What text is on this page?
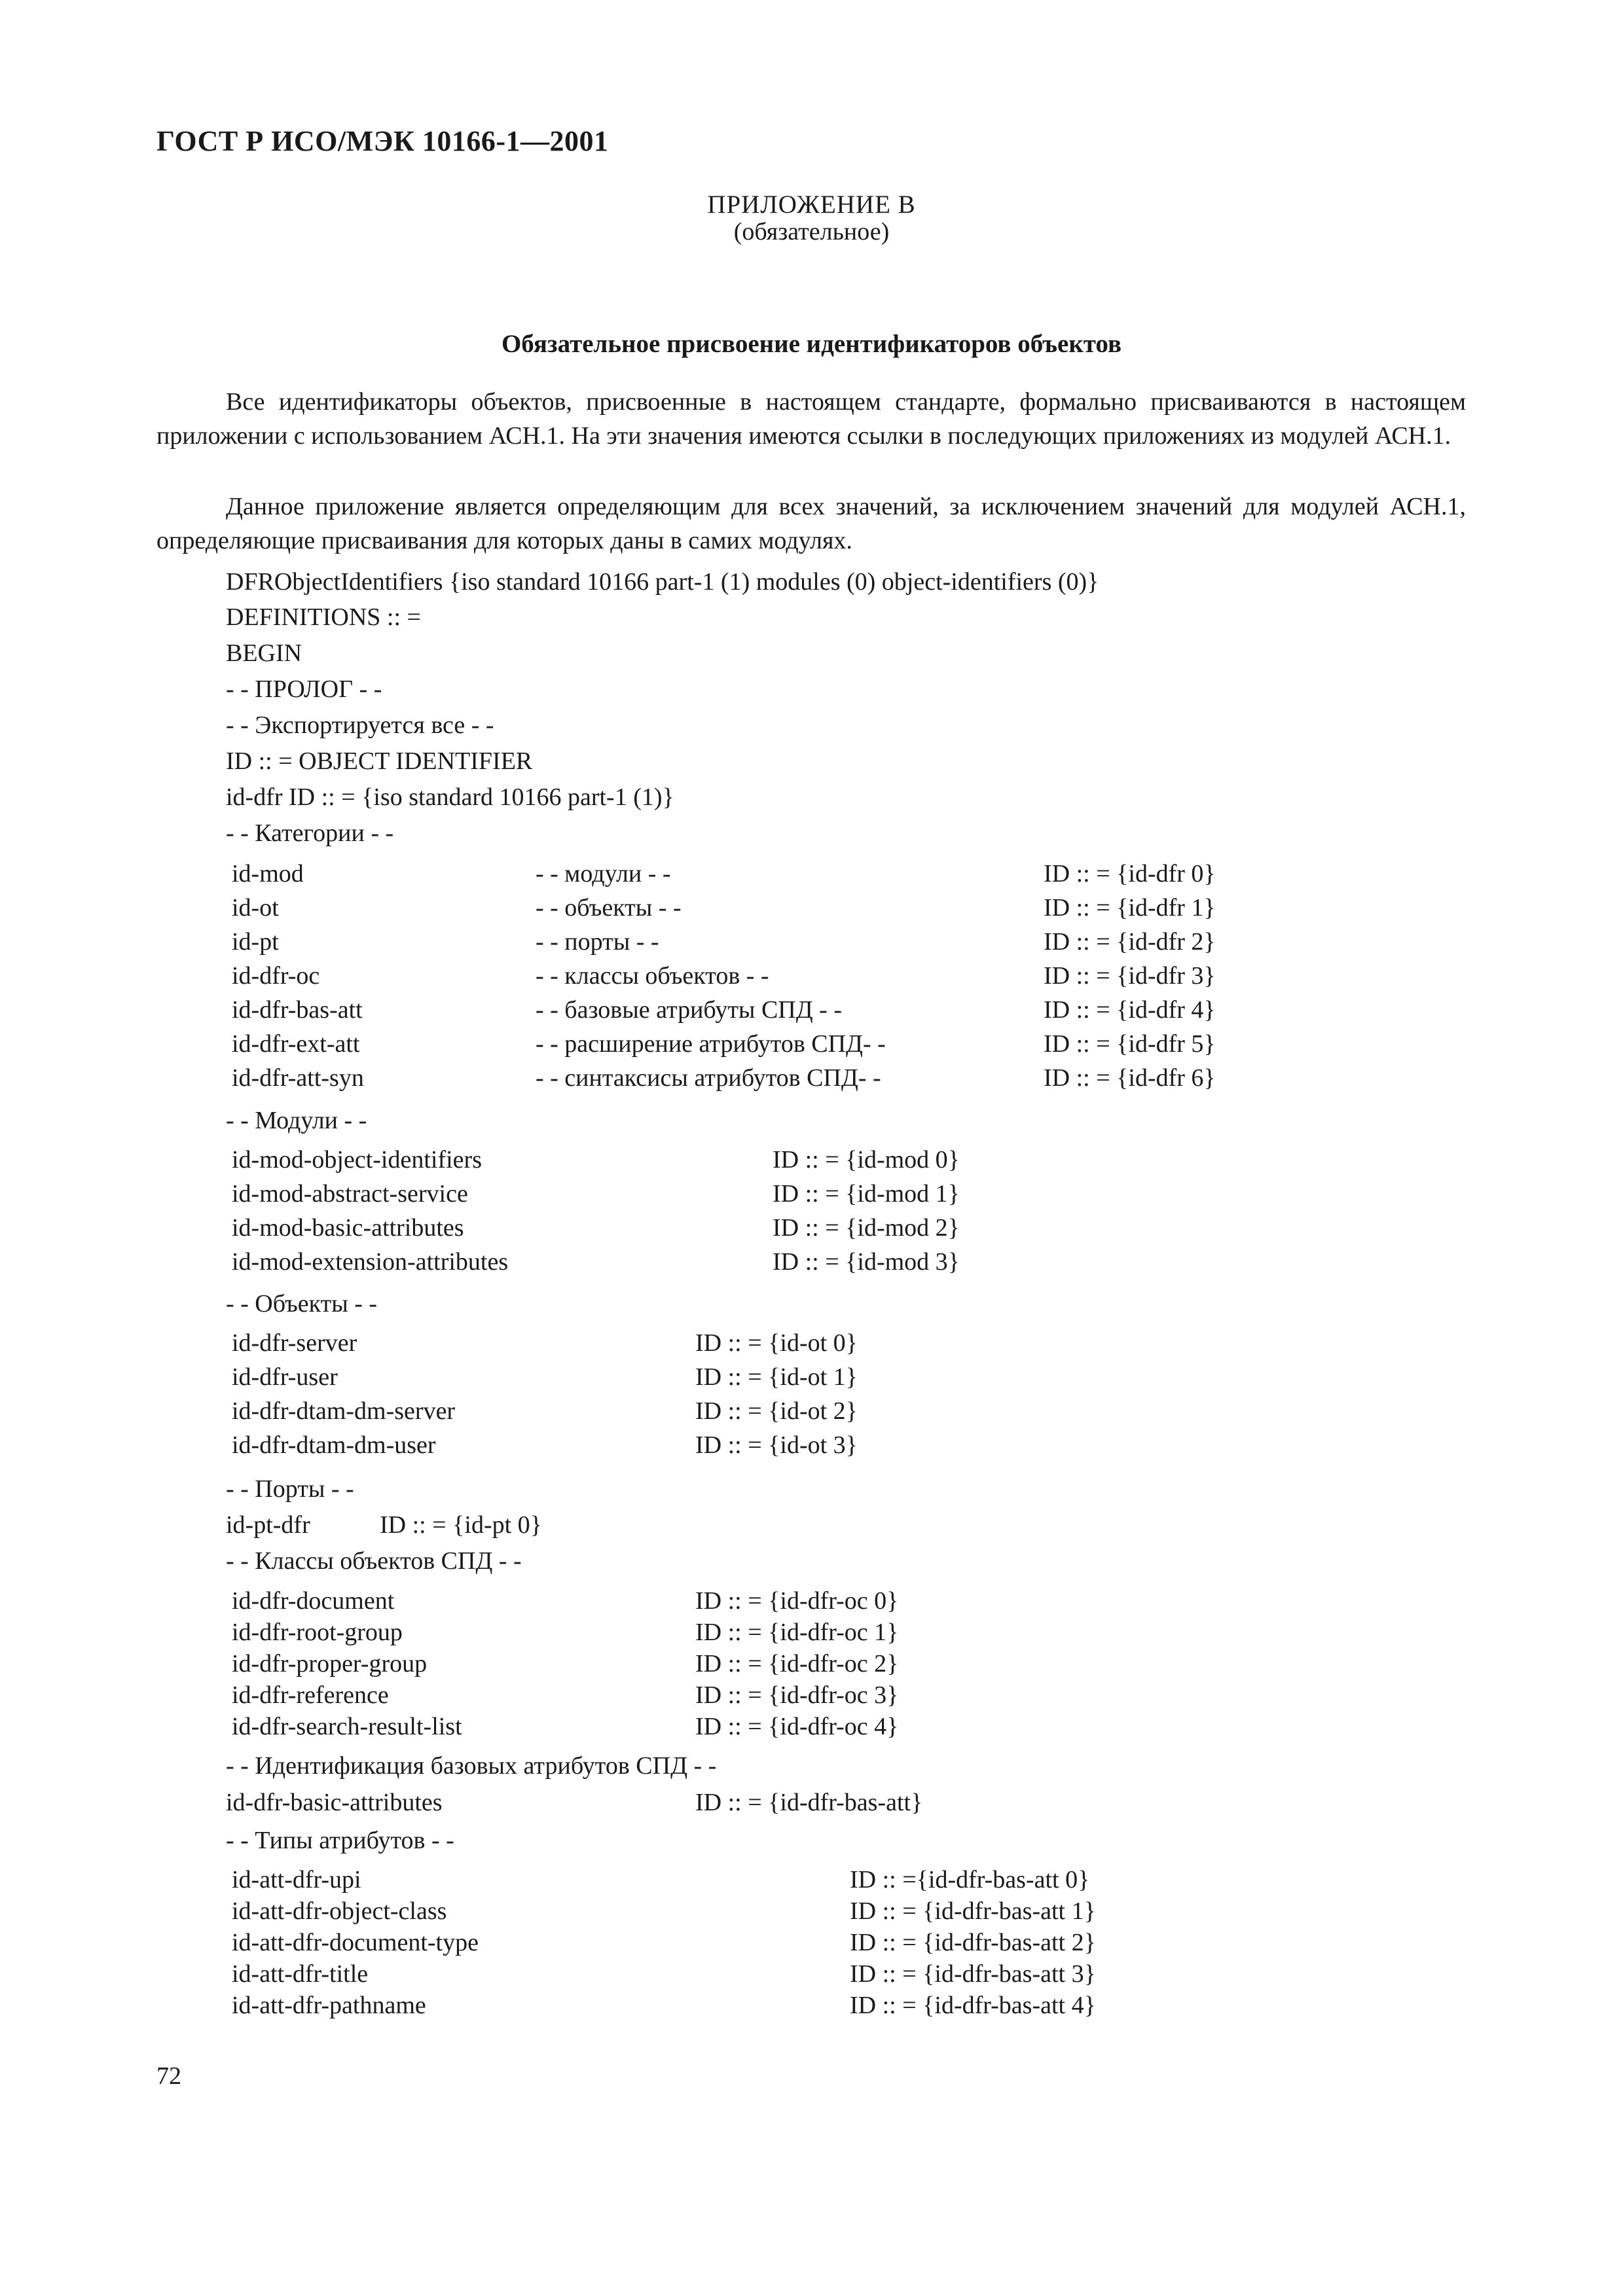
ГОСТ Р ИСО/МЭК 10166-1—2001
ПРИЛОЖЕНИЕ В
(обязательное)
Обязательное присвоение идентификаторов объектов
Все идентификаторы объектов, присвоенные в настоящем стандарте, формально присваиваются в настоящем приложении с использованием АСН.1. На эти значения имеются ссылки в последующих приложениях из модулей АСН.1.
Данное приложение является определяющим для всех значений, за исключением значений для модулей АСН.1, определяющие присваивания для которых даны в самих модулях.
DFRObjectIdentifiers {iso standard 10166 part-1 (1) modules (0) object-identifiers (0)}
DEFINITIONS :: =
BEGIN
- - ПРОЛОГ - -
- - Экспортируется все - -
ID :: = OBJECT IDENTIFIER
id-dfr ID :: = {iso standard 10166 part-1 (1)}
- - Категории - -
id-mod	- - модули - -	ID :: = {id-dfr 0}
id-ot	- - объекты - -	ID :: = {id-dfr 1}
id-pt	- - порты - -	ID :: = {id-dfr 2}
id-dfr-oc	- - классы объектов - -	ID :: = {id-dfr 3}
id-dfr-bas-att	- - базовые атрибуты СПД - -	ID :: = {id-dfr 4}
id-dfr-ext-att	- - расширение атрибутов СПД- -	ID :: = {id-dfr 5}
id-dfr-att-syn	- - синтаксисы атрибутов СПД- -	ID :: = {id-dfr 6}
- - Модули - -
id-mod-object-identifiers	ID :: = {id-mod 0}
id-mod-abstract-service	ID :: = {id-mod 1}
id-mod-basic-attributes	ID :: = {id-mod 2}
id-mod-extension-attributes	ID :: = {id-mod 3}
- - Объекты - -
id-dfr-server	ID :: = {id-ot 0}
id-dfr-user	ID :: = {id-ot 1}
id-dfr-dtam-dm-server	ID :: = {id-ot 2}
id-dfr-dtam-dm-user	ID :: = {id-ot 3}
- - Порты - -
id-pt-dfr	ID :: = {id-pt 0}
- - Классы объектов СПД - -
id-dfr-document	ID :: = {id-dfr-oc 0}
id-dfr-root-group	ID :: = {id-dfr-oc 1}
id-dfr-proper-group	ID :: = {id-dfr-oc 2}
id-dfr-reference	ID :: = {id-dfr-oc 3}
id-dfr-search-result-list	ID :: = {id-dfr-oc 4}
- - Идентификация базовых атрибутов СПД - -
id-dfr-basic-attributes	ID :: = {id-dfr-bas-att}
- - Типы атрибутов - -
id-att-dfr-upi	ID :: ={id-dfr-bas-att 0}
id-att-dfr-object-class	ID :: = {id-dfr-bas-att 1}
id-att-dfr-document-type	ID :: = {id-dfr-bas-att 2}
id-att-dfr-title	ID :: = {id-dfr-bas-att 3}
id-att-dfr-pathname	ID :: = {id-dfr-bas-att 4}
72
